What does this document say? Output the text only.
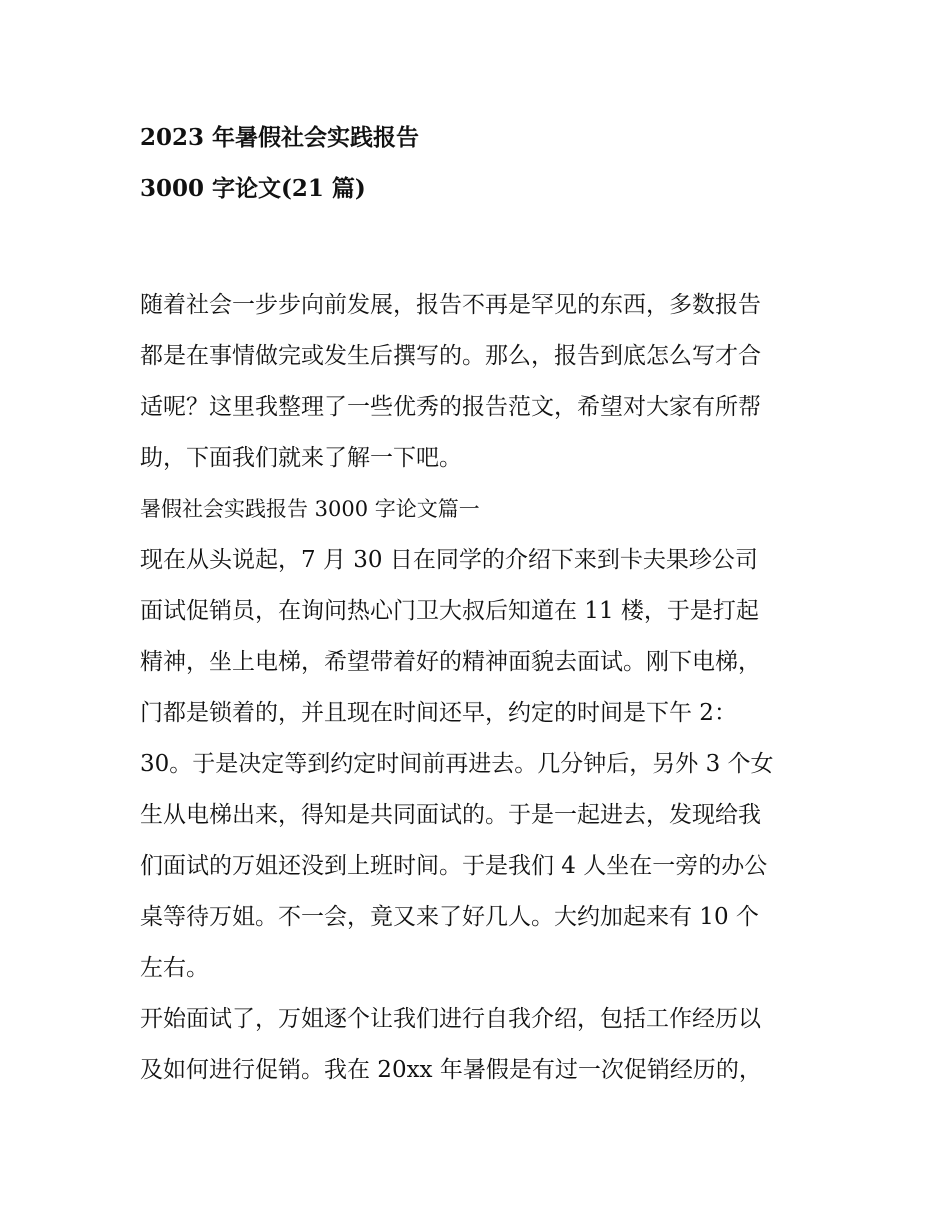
2023 年暑假社会实践报告
3000 字论文(21 篇)
随着社会一步步向前发展，报告不再是罕见的东西，多数报告
都是在事情做完或发生后撰写的。那么，报告到底怎么写才合
适呢？这里我整理了一些优秀的报告范文，希望对大家有所帮
助，下面我们就来了解一下吧。
暑假社会实践报告 3000 字论文篇一
现在从头说起，7 月 30 日在同学的介绍下来到卡夫果珍公司
面试促销员，在询问热心门卫大叔后知道在 11 楼，于是打起
精神，坐上电梯，希望带着好的精神面貌去面试。刚下电梯，
门都是锁着的，并且现在时间还早，约定的时间是下午 2：
30。于是决定等到约定时间前再进去。几分钟后，另外 3 个女
生从电梯出来，得知是共同面试的。于是一起进去，发现给我
们面试的万姐还没到上班时间。于是我们 4 人坐在一旁的办公
桌等待万姐。不一会，竟又来了好几人。大约加起来有 10 个
左右。
开始面试了，万姐逐个让我们进行自我介绍，包括工作经历以
及如何进行促销。我在 20xx 年暑假是有过一次促销经历的，
